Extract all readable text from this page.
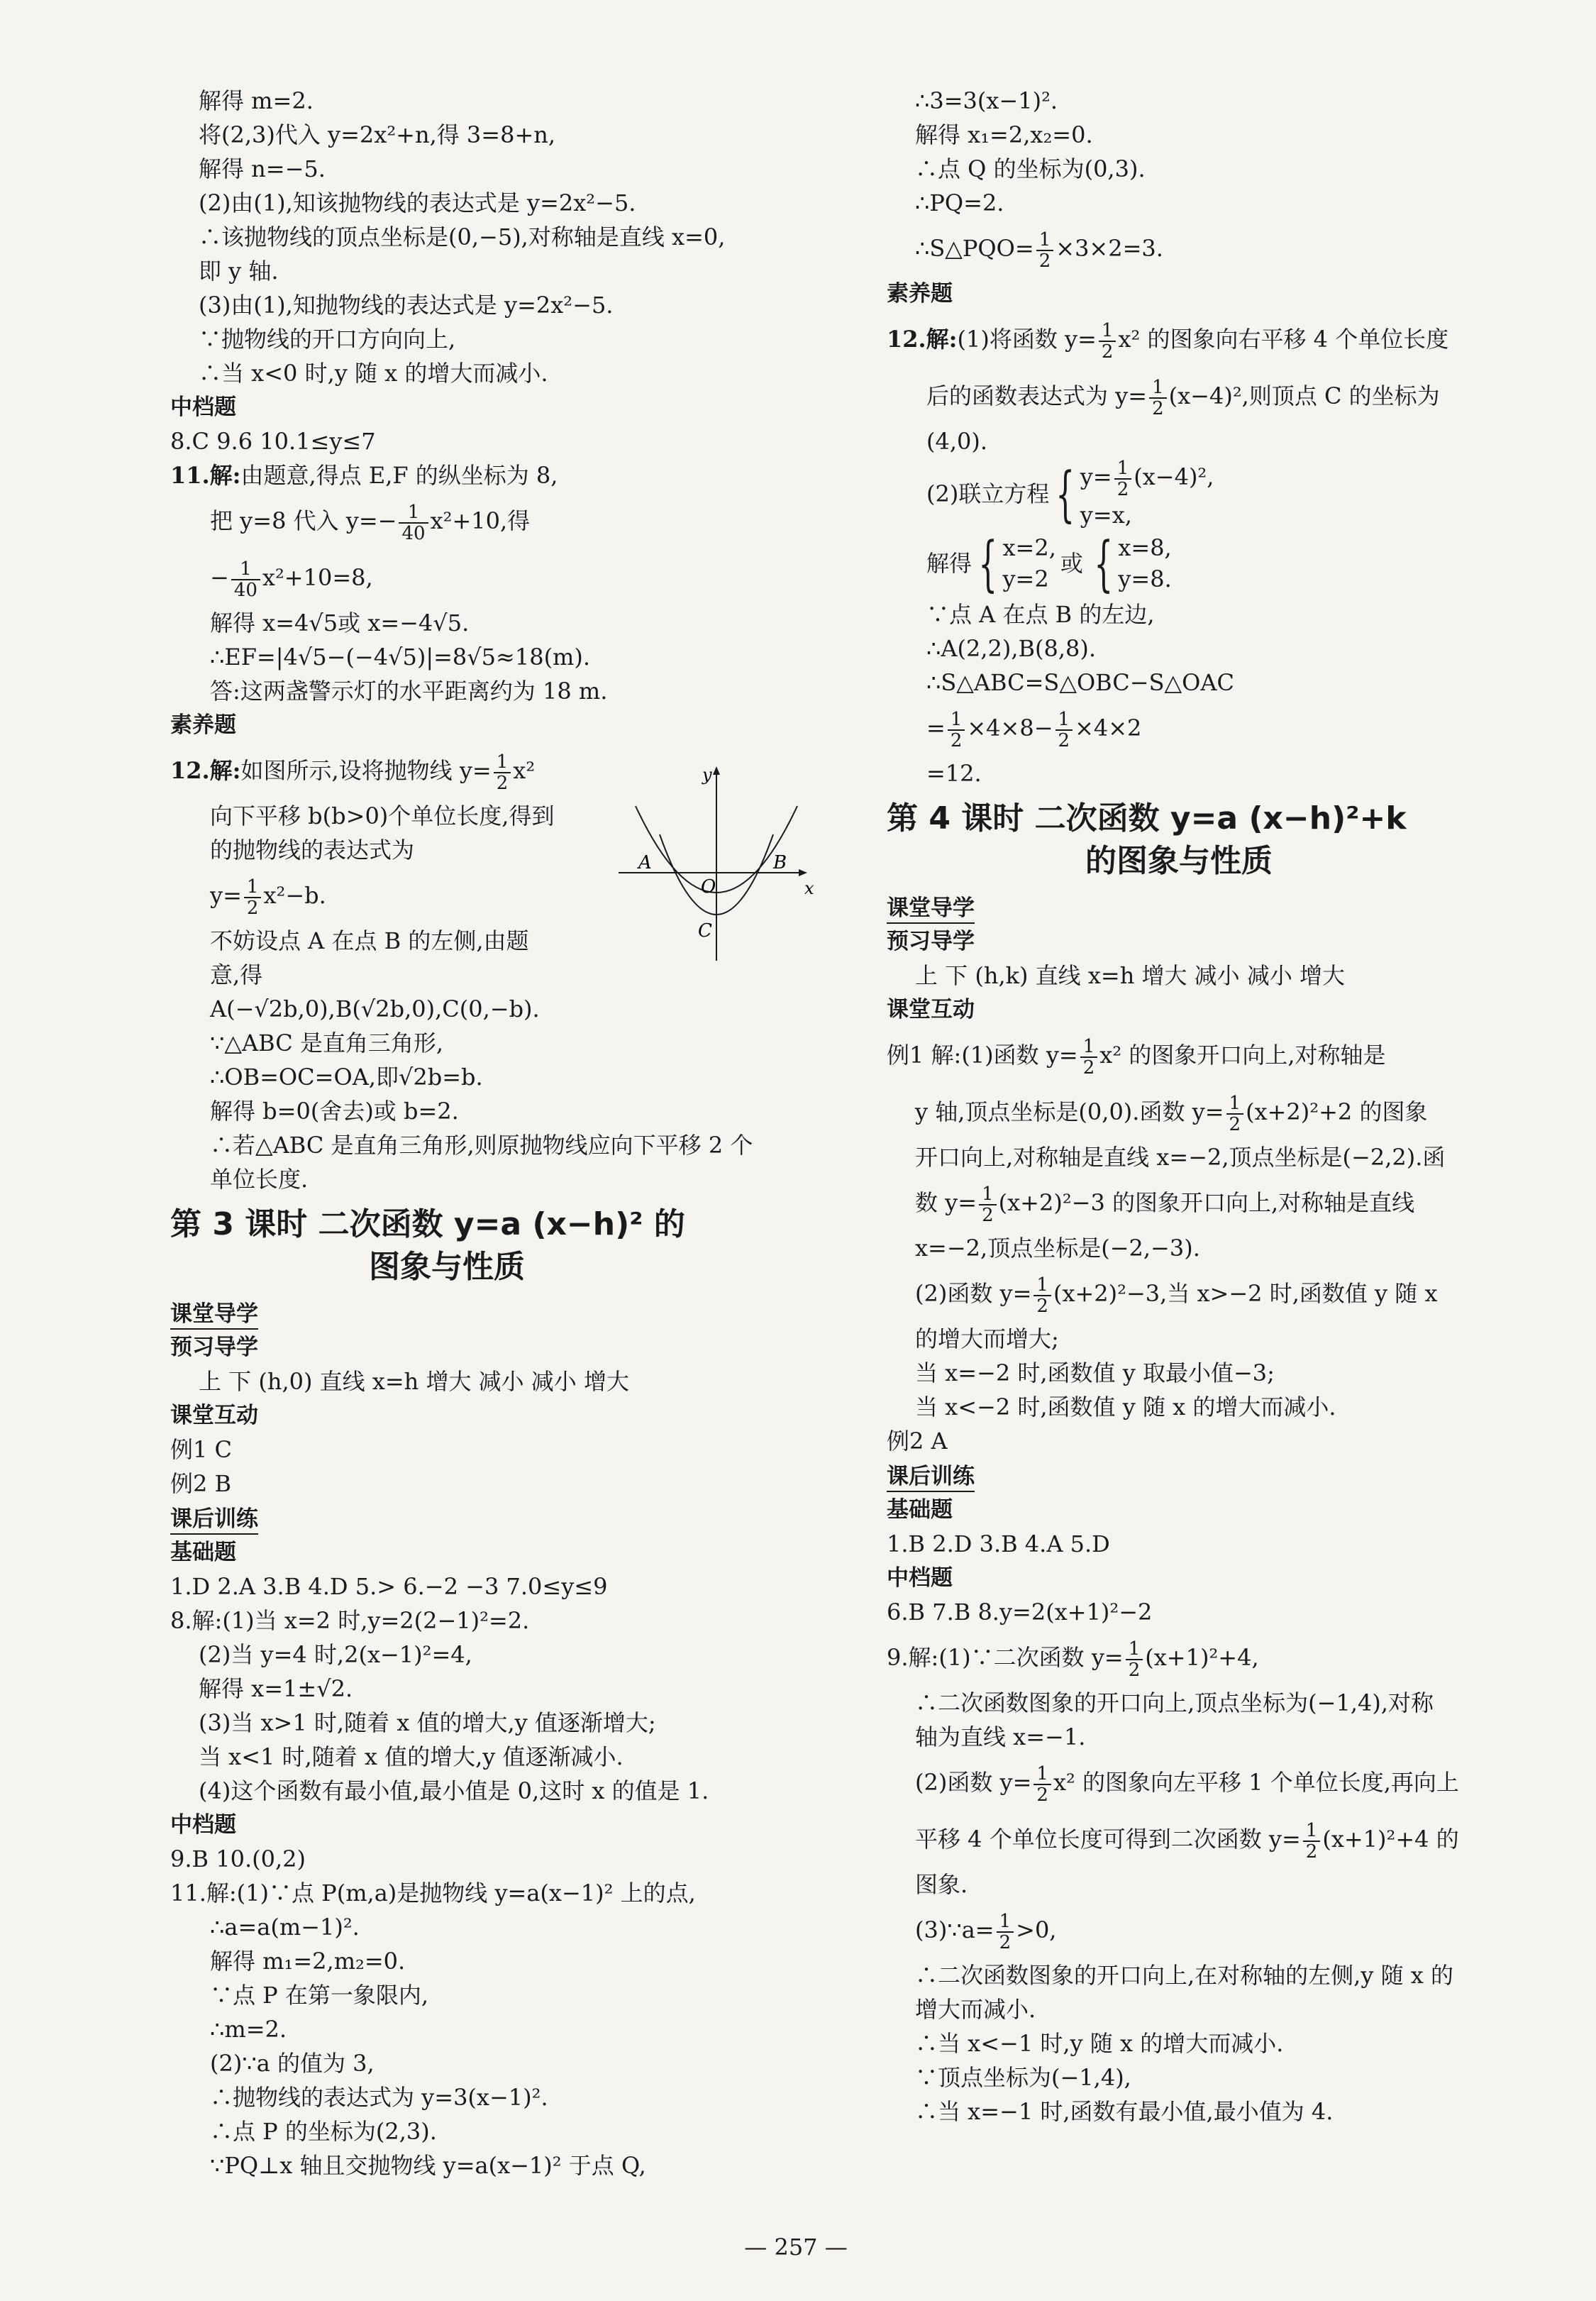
解得 m=2.
将(2,3)代入 y=2x²+n,得 3=8+n,
解得 n=−5.
(2)由(1),知该抛物线的表达式是 y=2x²−5.
∴该抛物线的顶点坐标是(0,−5),对称轴是直线 x=0,
即 y 轴.
(3)由(1),知抛物线的表达式是 y=2x²−5.
∵抛物线的开口方向向上,
∴当 x<0 时,y 随 x 的增大而减小.
中档题
8.C 9.6 10.1≤y≤7
11.解:由题意,得点 E,F 的纵坐标为 8,
把 y=8 代入 $y=- \frac{1}{40} x^2+10$,得
− $\frac{1}{40} x^2+10=8$,
解得 x=4√5或 x=−4√5.
∴EF=|4√5−(−4√5)|=8√5≈18(m).
答:这两盏警示灯的水平距离约为 18 m.
素养题
12.解:如图所示,设将抛物线 $y= \frac{1}{2} x^2$
向下平移 b(b>0)个单位长度,得到
的抛物线的表达式为
$y= \frac{1}{2} x^2-b$.
不妨设点 A 在点 B 的左侧,由题
意,得
A(−√2b,0),B(√2b,0),C(0,−b).
∵△ABC 是直角三角形,
∴OB=OC=OA,即√2b=b.
解得 b=0(舍去)或 b=2.
∴若△ABC 是直角三角形,则原抛物线应向下平移 2 个
单位长度.
第 3 课时 二次函数 y=a (x−h)² 的
图象与性质
课堂导学
预习导学
上 下 (h,0) 直线 x=h 增大 减小 减小 增大
课堂互动
例1 C
例2 B
课后训练
基础题
1.D 2.A 3.B 4.D 5.> 6.−2 −3 7.0≤y≤9
8.解:(1)当 x=2 时,y=2(2−1)²=2.
(2)当 y=4 时,2(x−1)²=4,
解得 x=1±√2.
(3)当 x>1 时,随着 x 值的增大,y 值逐渐增大;
当 x<1 时,随着 x 值的增大,y 值逐渐减小.
(4)这个函数有最小值,最小值是 0,这时 x 的值是 1.
中档题
9.B 10.(0,2)
11.解:(1)∵点 P(m,a)是抛物线 y=a(x−1)² 上的点,
∴a=a(m−1)².
解得 m₁=2,m₂=0.
∵点 P 在第一象限内,
∴m=2.
(2)∵a 的值为 3,
∴抛物线的表达式为 y=3(x−1)².
∴点 P 的坐标为(2,3).
∵PQ⊥x 轴且交抛物线 y=a(x−1)² 于点 Q,
y
x
A	B
O
C
∴3=3(x−1)².
解得 x₁=2,x₂=0.
∴点 Q 的坐标为(0,3).
∴PQ=2.
∴S△PQO= $\frac{1}{2} \times 3\times 2=3$.
素养题
12.解:(1)将函数 $y= \frac{1}{2} x^2$ 的图象向右平移 4 个单位长度
后的函数表达式为 $y= \frac{1}{2} (x-4)^2$,则顶点 C 的坐标为
(4,0).
(2)联立方程 { $y= \frac{1}{2} (x-4)^2$,
y=x,
解得 { x=2,
y=2
或 { x=8,
y=8.
∵点 A 在点 B 的左边,
∴A(2,2),B(8,8).
∴S△ABC=S△OBC−S△OAC
= $\frac{1}{2} \times 4\times 8- \frac{1}{2} \times 4\times 2$
=12.
第 4 课时 二次函数 y=a (x−h)²+k
的图象与性质
课堂导学
预习导学
上 下 (h,k) 直线 x=h 增大 减小 减小 增大
课堂互动
例1 解:(1)函数 $y= \frac{1}{2} x^2$ 的图象开口向上,对称轴是
y 轴,顶点坐标是(0,0).函数 $y= \frac{1}{2} (x+2)^2+2$ 的图象
开口向上,对称轴是直线 x=−2,顶点坐标是(−2,2).函
数 $y= \frac{1}{2} (x+2)^2-3$ 的图象开口向上,对称轴是直线
x=−2,顶点坐标是(−2,−3).
(2)函数 $y= \frac{1}{2} (x+2)^2-3$,当 x>−2 时,函数值 y 随 x
的增大而增大;
当 x=−2 时,函数值 y 取最小值−3;
当 x<−2 时,函数值 y 随 x 的增大而减小.
例2 A
课后训练
基础题
1.B 2.D 3.B 4.A 5.D
中档题
6.B 7.B 8.y=2(x+1)²−2
9.解:(1)∵二次函数 $y= \frac{1}{2} (x+1)^2+4$,
∴二次函数图象的开口向上,顶点坐标为(−1,4),对称
轴为直线 x=−1.
(2)函数 $y= \frac{1}{2} x^2$ 的图象向左平移 1 个单位长度,再向上
平移 4 个单位长度可得到二次函数 $y= \frac{1}{2} (x+1)^2+4$ 的
图象.
(3)∵a= $\frac{1}{2} >0$,
∴二次函数图象的开口向上,在对称轴的左侧,y 随 x 的
增大而减小.
∴当 x<−1 时,y 随 x 的增大而减小.
∵顶点坐标为(−1,4),
∴当 x=−1 时,函数有最小值,最小值为 4.
— 257 —
